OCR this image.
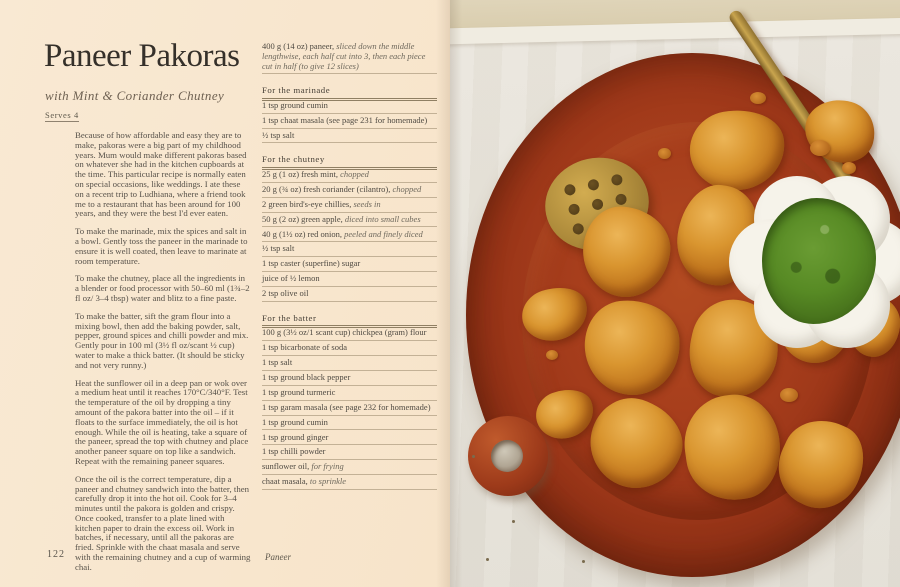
Paneer Pakoras
with Mint & Coriander Chutney
Serves 4

Because of how affordable and easy they are to make, pakoras were a big part of my childhood years. Mum would make different pakoras based on whatever she had in the kitchen cupboards at the time. This particular recipe is normally eaten on special occasions, like weddings. I ate these on a recent trip to Ludhiana, where a friend took me to a restaurant that has been around for 100 years, and they were the best I'd ever eaten.

To make the marinade, mix the spices and salt in a bowl. Gently toss the paneer in the marinade to ensure it is well coated, then leave to marinate at room temperature.

To make the chutney, place all the ingredients in a blender or food processor with 50–60 ml (1¾–2 fl oz/ 3–4 tbsp) water and blitz to a fine paste.

To make the batter, sift the gram flour into a mixing bowl, then add the baking powder, salt, pepper, ground spices and chilli powder and mix. Gently pour in 100 ml (3½ fl oz/scant ½ cup) water to make a thick batter. (It should be sticky and not very runny.)

Heat the sunflower oil in a deep pan or wok over a medium heat until it reaches 170°C/340°F. Test the temperature of the oil by dropping a tiny amount of the pakora batter into the oil – if it floats to the surface immediately, the oil is hot enough. While the oil is heating, take a square of the paneer, spread the top with chutney and place another paneer square on top like a sandwich. Repeat with the remaining paneer squares.

Once the oil is the correct temperature, dip a paneer and chutney sandwich into the batter, then carefully drop it into the hot oil. Cook for 3–4 minutes until the pakora is golden and crispy. Once cooked, transfer to a plate lined with kitchen paper to drain the excess oil. Work in batches, if necessary, until all the pakoras are fried. Sprinkle with the chaat masala and serve with the remaining chutney and a cup of warming chai.

400 g (14 oz) paneer, sliced down the middle lengthwise, each half cut into 3, then each piece cut in half (to give 12 slices)
For the marinade
1 tsp ground cumin
1 tsp chaat masala (see page 231 for homemade)
½ tsp salt
For the chutney
25 g (1 oz) fresh mint, chopped
20 g (¾ oz) fresh coriander (cilantro), chopped
2 green bird's-eye chillies, seeds in
50 g (2 oz) green apple, diced into small cubes
40 g (1½ oz) red onion, peeled and finely diced
½ tsp salt
1 tsp caster (superfine) sugar
juice of ½ lemon
2 tsp olive oil
For the batter
100 g (3½ oz/1 scant cup) chickpea (gram) flour
1 tsp bicarbonate of soda
1 tsp salt
1 tsp ground black pepper
1 tsp ground turmeric
1 tsp garam masala (see page 232 for homemade)
1 tsp ground cumin
1 tsp ground ginger
1 tsp chilli powder
sunflower oil, for frying
chaat masala, to sprinkle
122	Paneer
